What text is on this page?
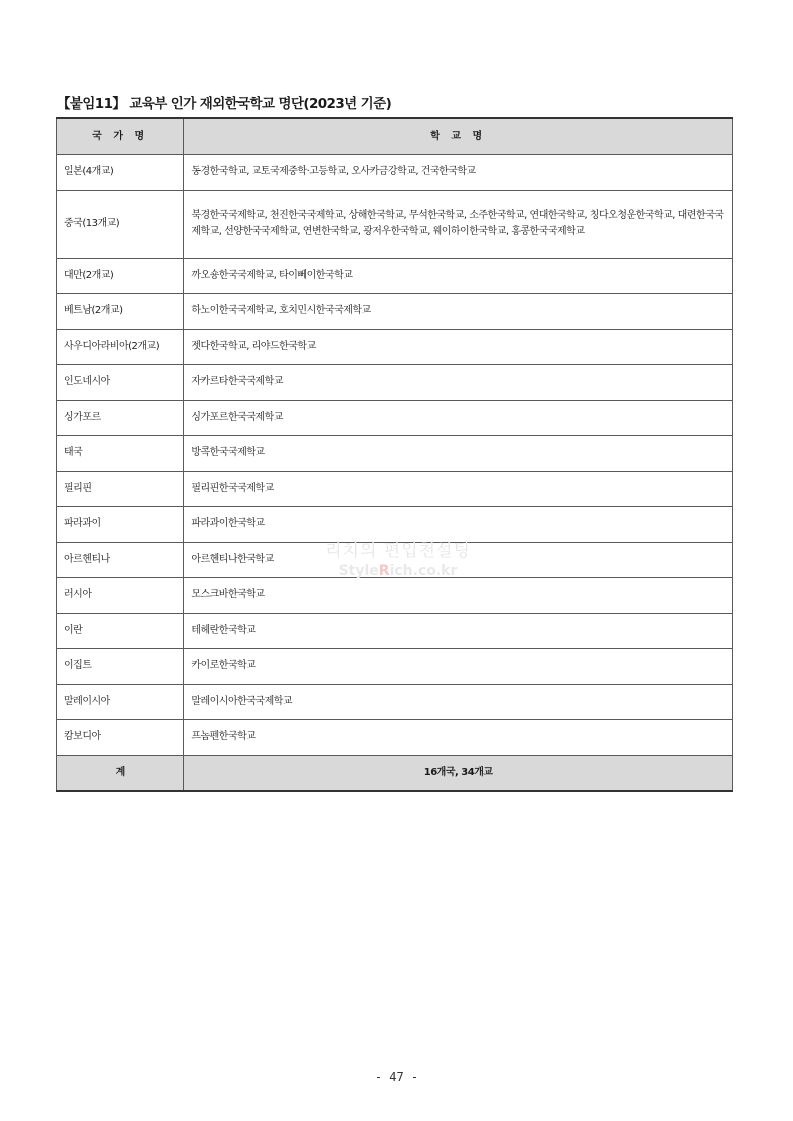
【붙임11】 교육부 인가 재외한국학교 명단(2023년 기준)
국 가 명	학 교 명
일본(4개교)	동경한국학교, 교토국제중학·고등학교, 오사카금강학교, 건국한국학교
중국(13개교)	북경한국국제학교, 천진한국국제학교, 상해한국학교, 무석한국학교, 소주한국학교, 연대한국학교, 칭다오청운한국학교, 대련한국국제학교, 선양한국국제학교, 연변한국학교, 광저우한국학교, 웨이하이한국학교, 홍콩한국국제학교
대만(2개교)	까오숑한국국제학교, 타이뻬이한국학교
베트남(2개교)	하노이한국국제학교, 호치민시한국국제학교
사우디아라비아(2개교)	젯다한국학교, 리야드한국학교
인도네시아	자카르타한국국제학교
싱가포르	싱가포르한국국제학교
태국	방콕한국국제학교
필리핀	필리핀한국국제학교
파라과이	파라과이한국학교
아르헨티나	아르헨티나한국학교
러시아	모스크바한국학교
이란	테헤란한국학교
이집트	카이로한국학교
말레이시아	말레이시아한국국제학교
캄보디아	프놈펜한국학교
계	16개국, 34개교
리치의 편입천설팅
StyleRich.co.kr
- 47 -
